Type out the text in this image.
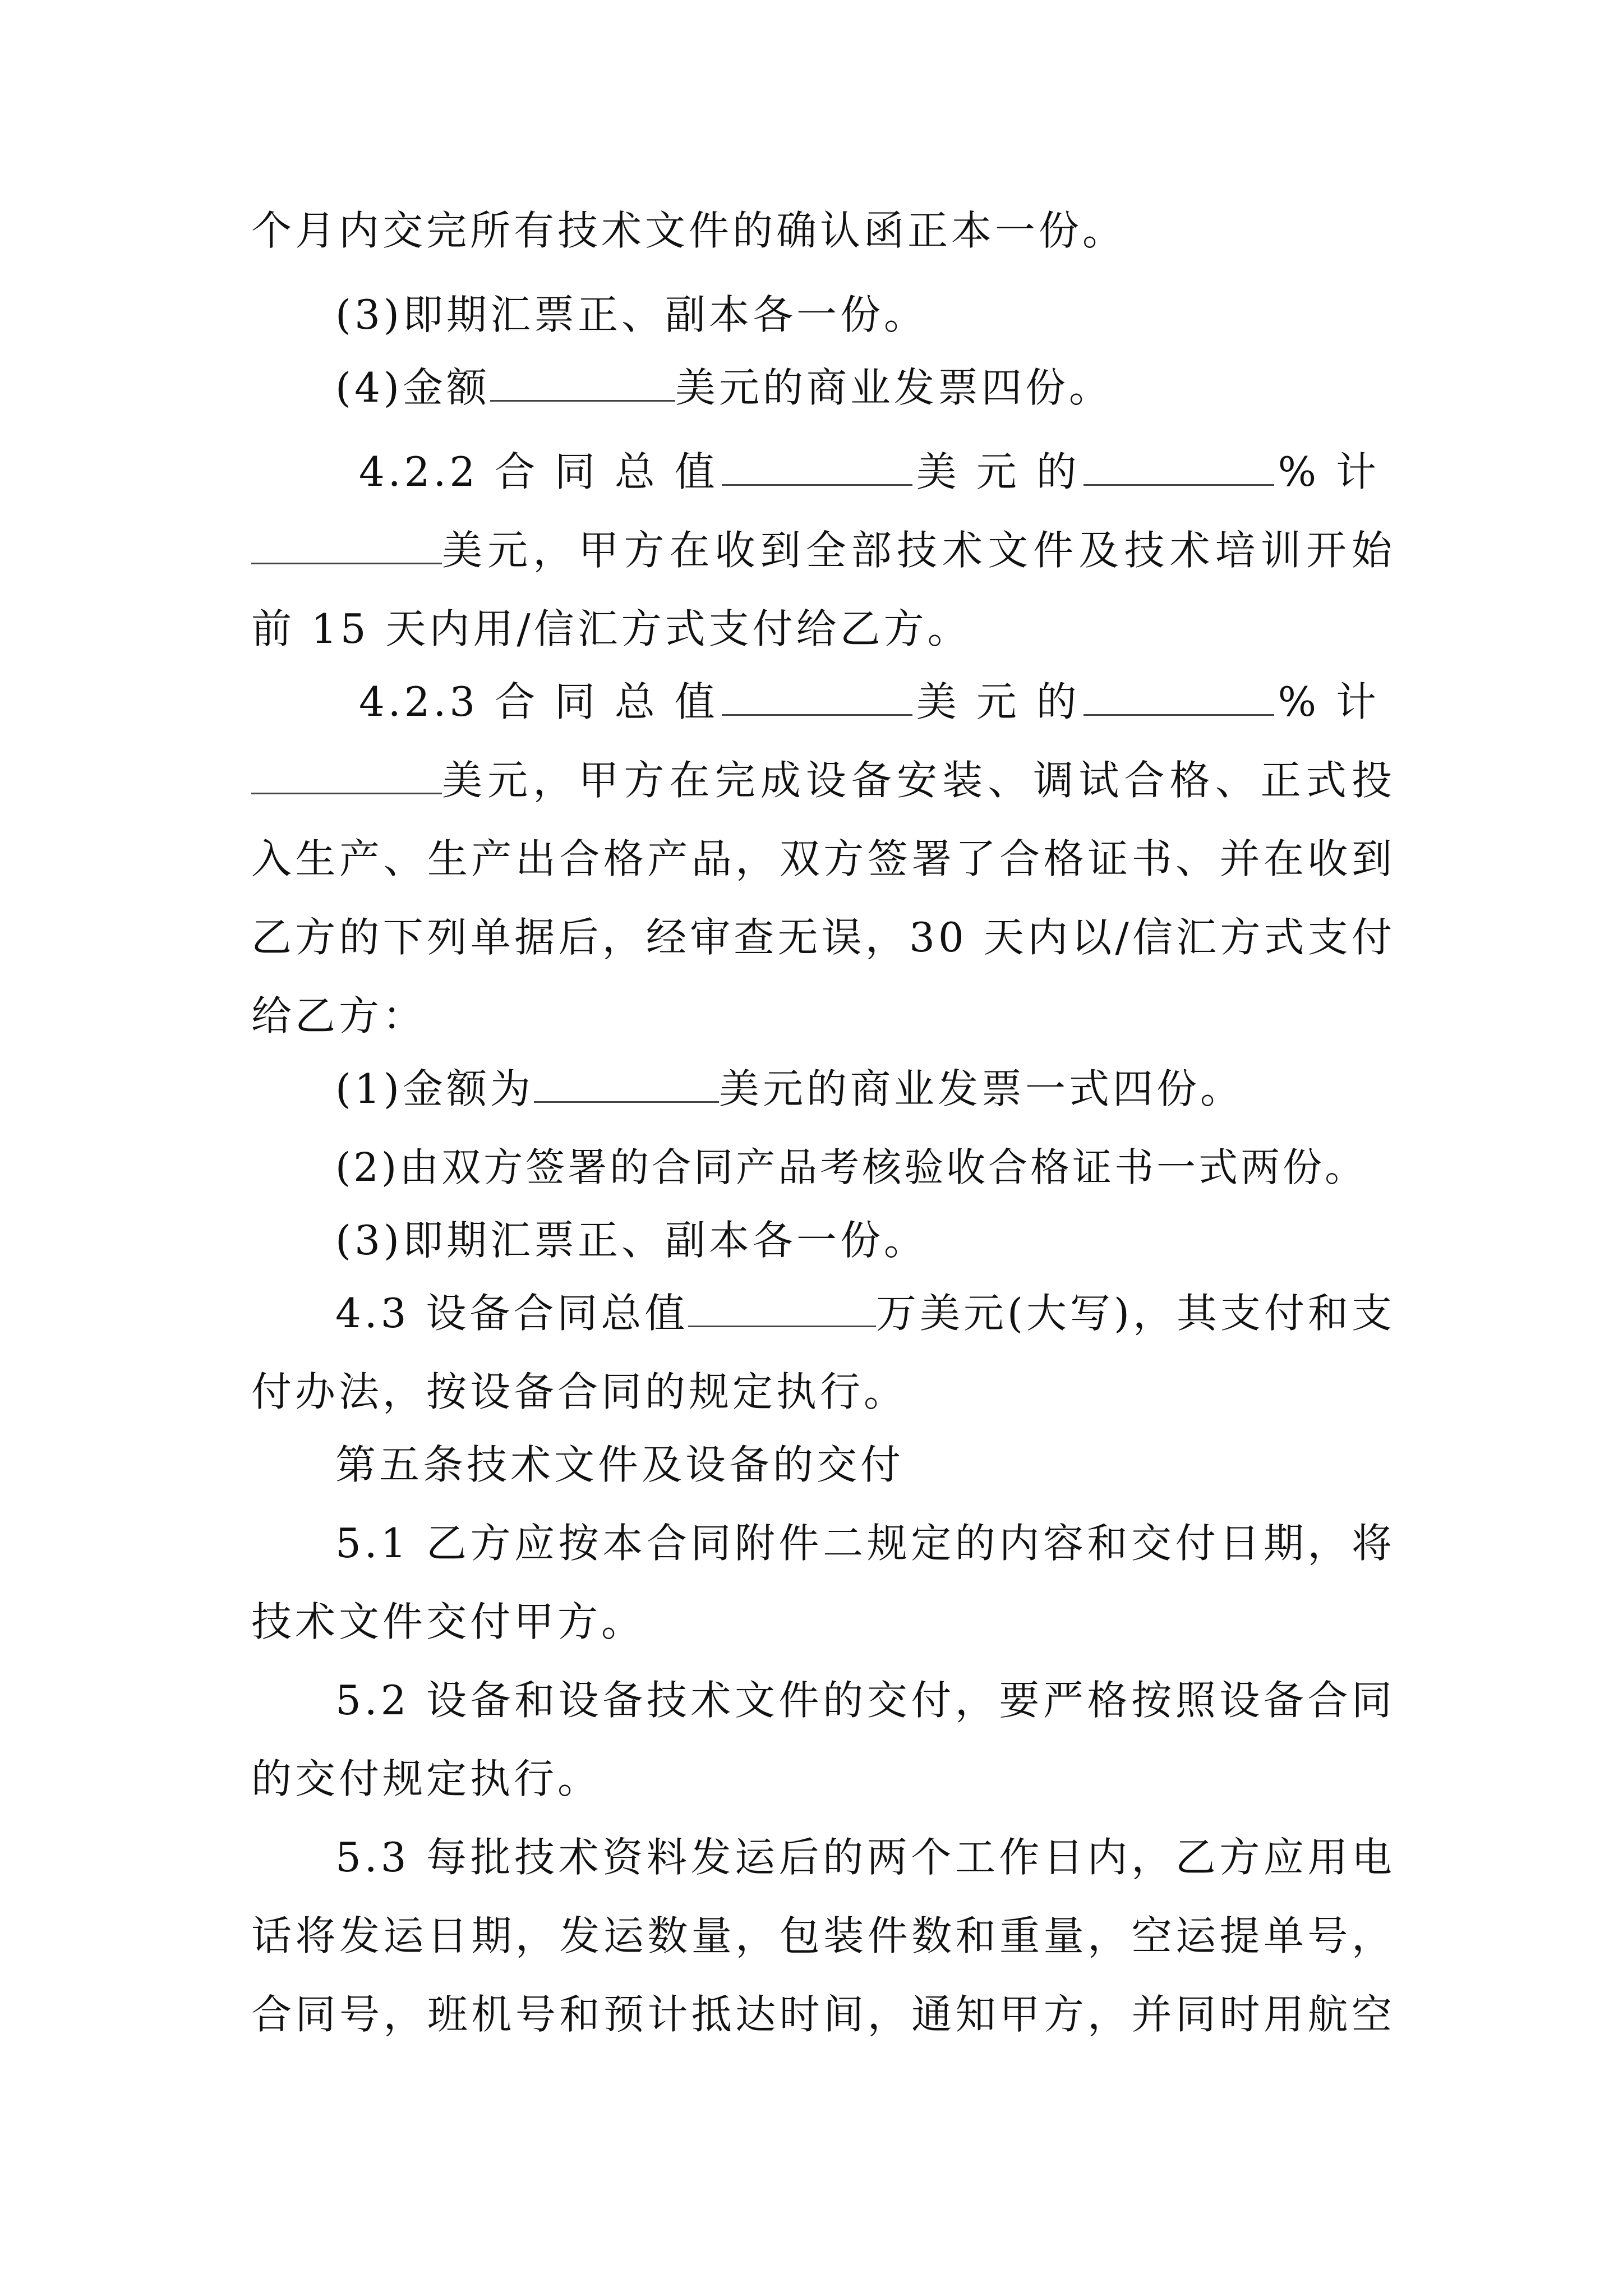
个月内交完所有技术文件的确认函正本一份。
(3)即期汇票正、副本各一份。
(4)金额	美元的商业发票四份。
4.2.2 合 同 总 值	美 元 的	% 计
美元，甲方在收到全部技术文件及技术培训开始
前 15 天内用/信汇方式支付给乙方。
4.2.3 合 同 总 值	美 元 的	% 计
美元，甲方在完成设备安装、调试合格、正式投
入生产、生产出合格产品，双方签署了合格证书、并在收到
乙方的下列单据后，经审查无误，30 天内以/信汇方式支付
给乙方：
(1)金额为	美元的商业发票一式四份。
(2)由双方签署的合同产品考核验收合格证书一式两份。
(3)即期汇票正、副本各一份。
4.3 设备合同总值	万美元(大写)，其支付和支
付办法，按设备合同的规定执行。
第五条技术文件及设备的交付
5.1 乙方应按本合同附件二规定的内容和交付日期，将
技术文件交付甲方。
5.2 设备和设备技术文件的交付，要严格按照设备合同
的交付规定执行。
5.3 每批技术资料发运后的两个工作日内，乙方应用电
话将发运日期，发运数量，包装件数和重量，空运提单号，
合同号，班机号和预计抵达时间，通知甲方，并同时用航空
